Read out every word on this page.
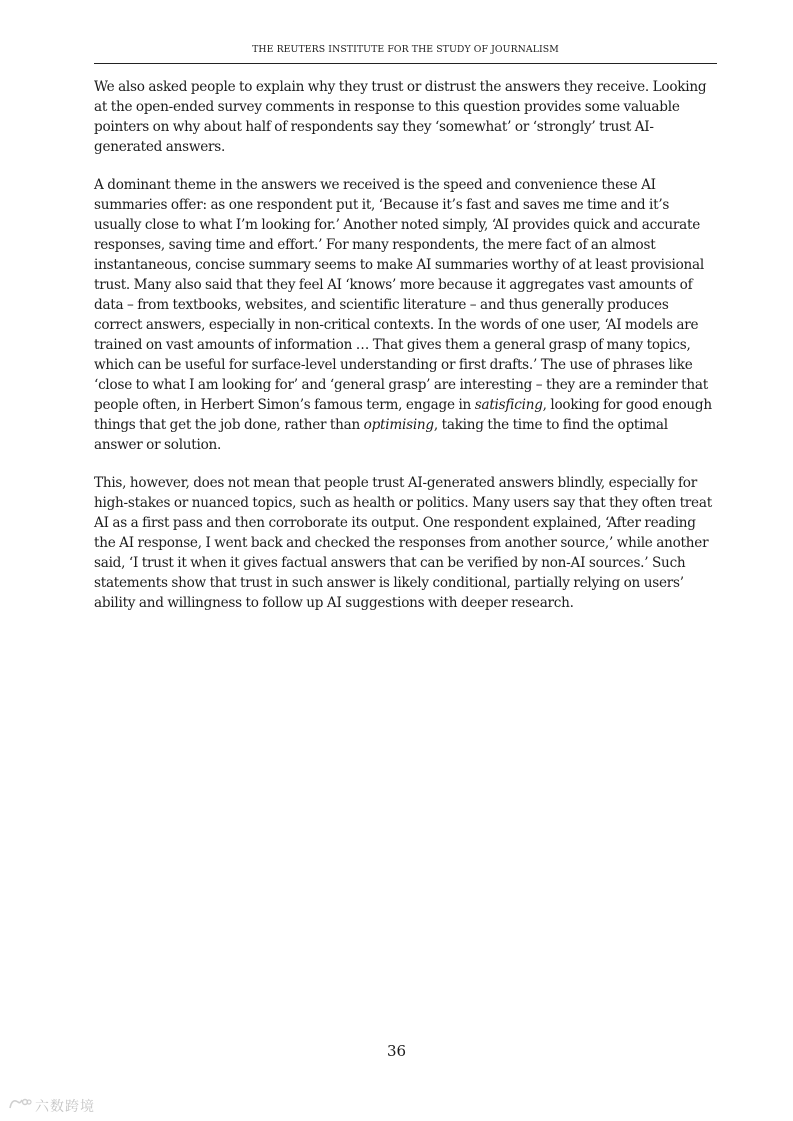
THE REUTERS INSTITUTE FOR THE STUDY OF JOURNALISM

We also asked people to explain why they trust or distrust the answers they receive. Looking at the open-ended survey comments in response to this question provides some valuable pointers on why about half of respondents say they ‘somewhat’ or ‘strongly’ trust AI-generated answers.

A dominant theme in the answers we received is the speed and convenience these AI summaries offer: as one respondent put it, ‘Because it’s fast and saves me time and it’s usually close to what I’m looking for.’ Another noted simply, ‘AI provides quick and accurate responses, saving time and effort.’ For many respondents, the mere fact of an almost instantaneous, concise summary seems to make AI summaries worthy of at least provisional trust. Many also said that they feel AI ‘knows’ more because it aggregates vast amounts of data – from textbooks, websites, and scientific literature – and thus generally produces correct answers, especially in non-critical contexts. In the words of one user, ‘AI models are trained on vast amounts of information … That gives them a general grasp of many topics, which can be useful for surface-level understanding or first drafts.’ The use of phrases like ‘close to what I am looking for’ and ‘general grasp’ are interesting – they are a reminder that people often, in Herbert Simon’s famous term, engage in satisficing, looking for good enough things that get the job done, rather than optimising, taking the time to find the optimal answer or solution.

This, however, does not mean that people trust AI-generated answers blindly, especially for high-stakes or nuanced topics, such as health or politics. Many users say that they often treat AI as a first pass and then corroborate its output. One respondent explained, ‘After reading the AI response, I went back and checked the responses from another source,’ while another said, ‘I trust it when it gives factual answers that can be verified by non-AI sources.’ Such statements show that trust in such answer is likely conditional, partially relying on users’ ability and willingness to follow up AI suggestions with deeper research.

36
六数跨境
